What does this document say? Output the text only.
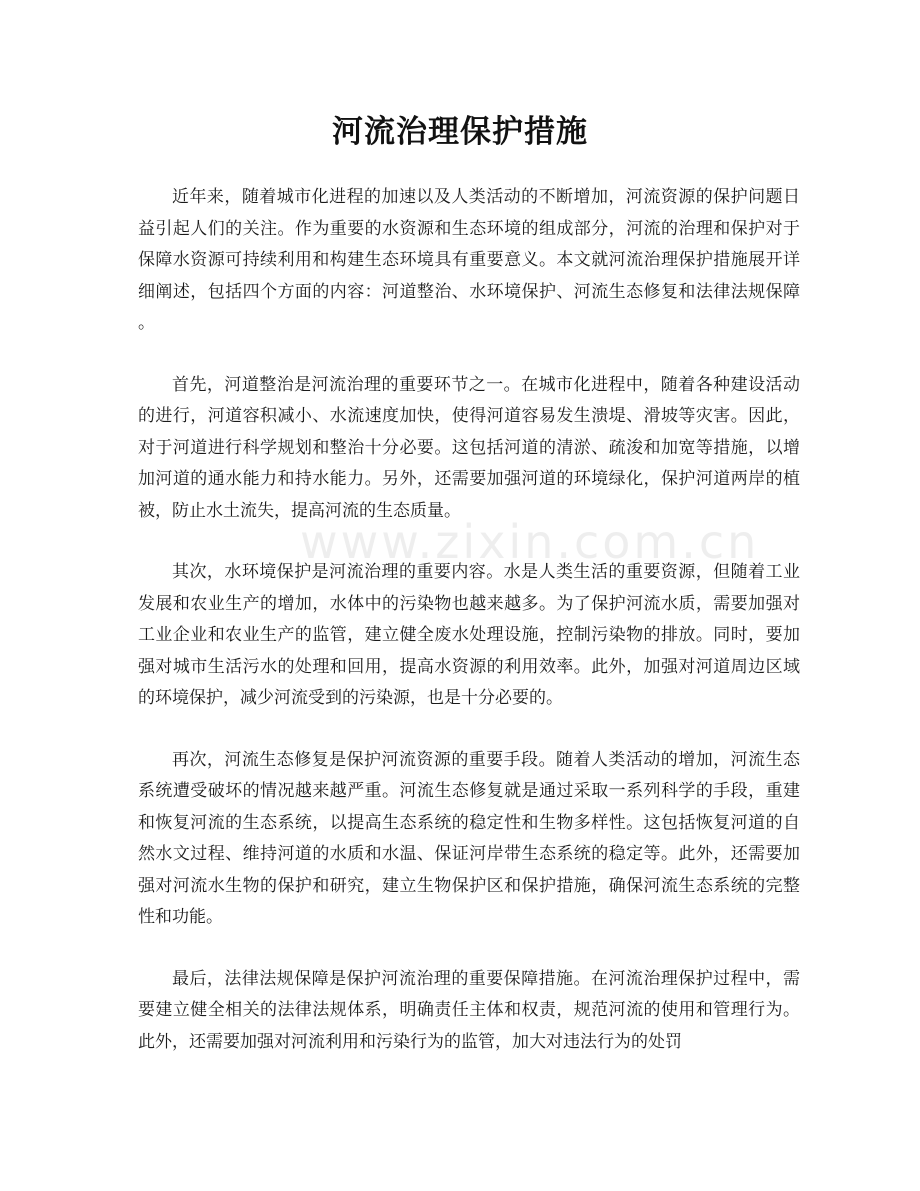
河流治理保护措施
www.zixin.com.cn

近年来，随着城市化进程的加速以及人类活动的不断增加，河流资源的保护问题日益引起人们的关注。作为重要的水资源和生态环境的组成部分，河流的治理和保护对于保障水资源可持续利用和构建生态环境具有重要意义。本文就河流治理保护措施展开详细阐述，包括四个方面的内容：河道整治、水环境保护、河流生态修复和法律法规保障。

首先，河道整治是河流治理的重要环节之一。在城市化进程中，随着各种建设活动的进行，河道容积减小、水流速度加快，使得河道容易发生溃堤、滑坡等灾害。因此，对于河道进行科学规划和整治十分必要。这包括河道的清淤、疏浚和加宽等措施，以增加河道的通水能力和持水能力。另外，还需要加强河道的环境绿化，保护河道两岸的植被，防止水土流失，提高河流的生态质量。

其次，水环境保护是河流治理的重要内容。水是人类生活的重要资源，但随着工业发展和农业生产的增加，水体中的污染物也越来越多。为了保护河流水质，需要加强对工业企业和农业生产的监管，建立健全废水处理设施，控制污染物的排放。同时，要加强对城市生活污水的处理和回用，提高水资源的利用效率。此外，加强对河道周边区域的环境保护，减少河流受到的污染源，也是十分必要的。

再次，河流生态修复是保护河流资源的重要手段。随着人类活动的增加，河流生态系统遭受破坏的情况越来越严重。河流生态修复就是通过采取一系列科学的手段，重建和恢复河流的生态系统，以提高生态系统的稳定性和生物多样性。这包括恢复河道的自然水文过程、维持河道的水质和水温、保证河岸带生态系统的稳定等。此外，还需要加强对河流水生物的保护和研究，建立生物保护区和保护措施，确保河流生态系统的完整性和功能。

最后，法律法规保障是保护河流治理的重要保障措施。在河流治理保护过程中，需要建立健全相关的法律法规体系，明确责任主体和权责，规范河流的使用和管理行为。此外，还需要加强对河流利用和污染行为的监管，加大对违法行为的处罚
